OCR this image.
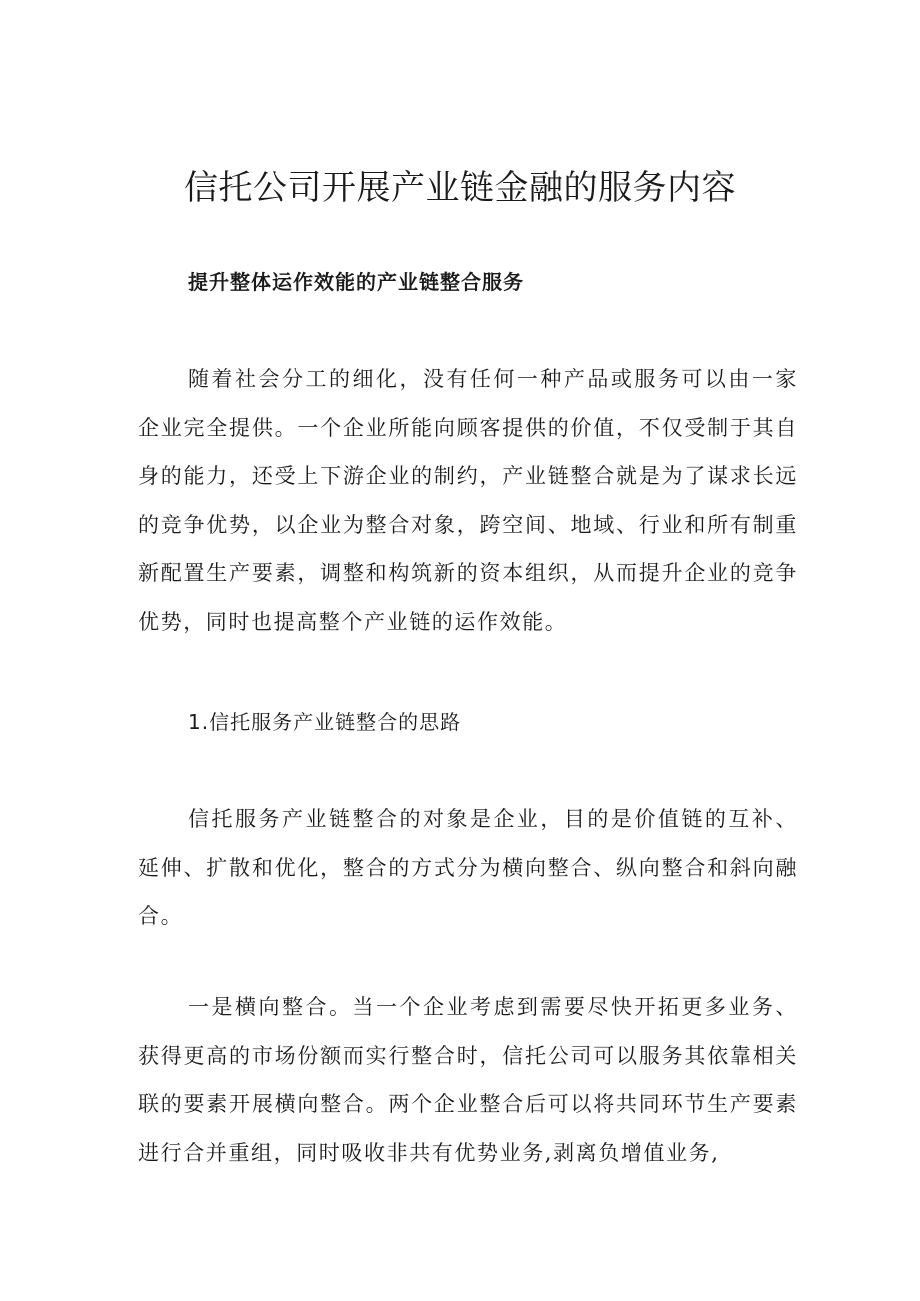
信托公司开展产业链金融的服务内容
提升整体运作效能的产业链整合服务

随着社会分工的细化，没有任何一种产品或服务可以由一家企业完全提供。一个企业所能向顾客提供的价值，不仅受制于其自身的能力，还受上下游企业的制约，产业链整合就是为了谋求长远的竞争优势，以企业为整合对象，跨空间、地域、行业和所有制重新配置生产要素，调整和构筑新的资本组织，从而提升企业的竞争优势，同时也提高整个产业链的运作效能。

1.信托服务产业链整合的思路

信托服务产业链整合的对象是企业，目的是价值链的互补、延伸、扩散和优化，整合的方式分为横向整合、纵向整合和斜向融合。

一是横向整合。当一个企业考虑到需要尽快开拓更多业务、获得更高的市场份额而实行整合时，信托公司可以服务其依靠相关联的要素开展横向整合。两个企业整合后可以将共同环节生产要素进行合并重组，同时吸收非共有优势业务,剥离负增值业务,
